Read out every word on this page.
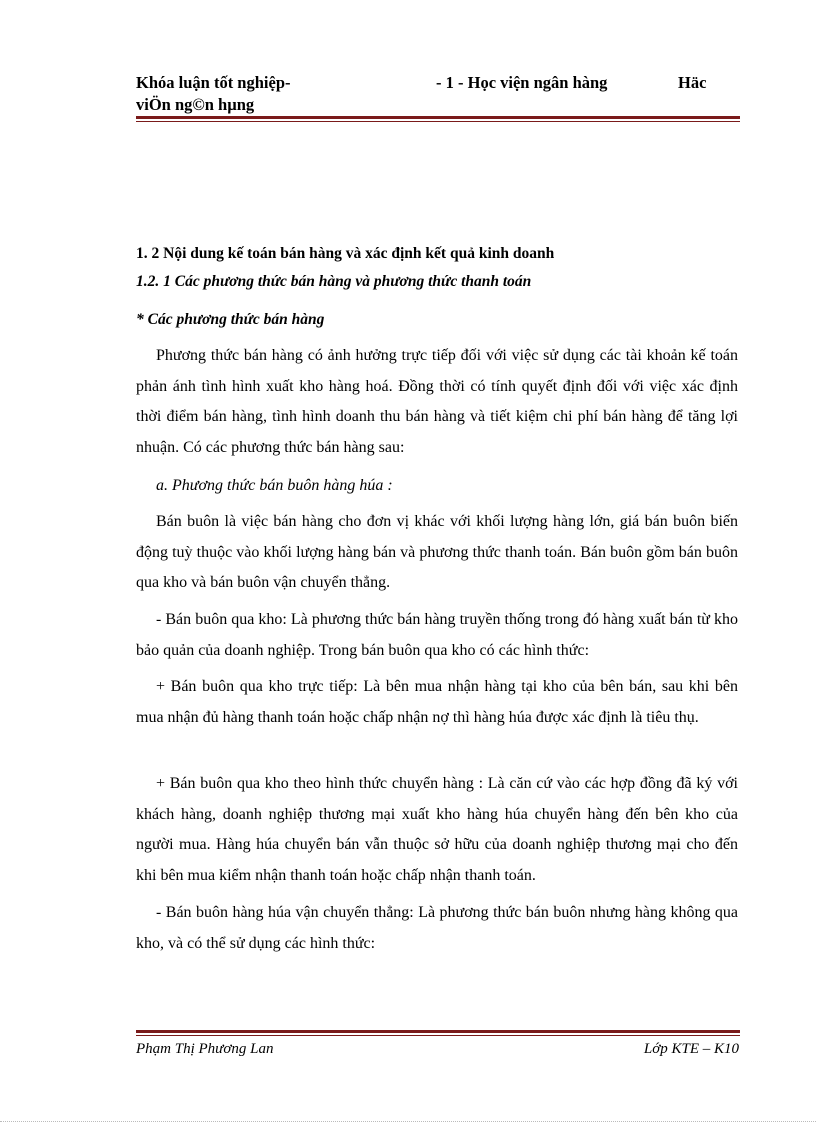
Khóa luận tốt nghiệp-
viÖn ng©n hµng
- 1 - Học viện ngân hàng	Häc
1. 2 Nội dung kế toán bán hàng và xác định kết quả kinh doanh
1.2. 1 Các phương thức bán hàng và phương thức thanh toán
* Các phương thức bán hàng

Phương thức bán hàng có ảnh hưởng trực tiếp đối với việc sử dụng các tài khoản kế toán phản ánh tình hình xuất kho hàng hoá. Đồng thời có tính quyết định đối với việc xác định thời điểm bán hàng, tình hình doanh thu bán hàng và tiết kiệm chi phí bán hàng để tăng lợi nhuận. Có các phương thức bán hàng sau:

a. Phương thức bán buôn hàng húa :

Bán buôn là việc bán hàng cho đơn vị khác với khối lượng hàng lớn, giá bán buôn biến động tuỳ thuộc vào khối lượng hàng bán và phương thức thanh toán. Bán buôn gồm bán buôn qua kho và bán buôn vận chuyển thẳng.

- Bán buôn qua kho: Là phương thức bán hàng truyền thống trong đó hàng xuất bán từ kho bảo quản của doanh nghiệp. Trong bán buôn qua kho có các hình thức:

+ Bán buôn qua kho trực tiếp: Là bên mua nhận hàng tại kho của bên bán, sau khi bên mua nhận đủ hàng thanh toán hoặc chấp nhận nợ thì hàng húa được xác định là tiêu thụ.

+ Bán buôn qua kho theo hình thức chuyển hàng : Là căn cứ vào các hợp đồng đã ký với khách hàng, doanh nghiệp thương mại xuất kho hàng húa chuyển hàng đến bên kho của người mua. Hàng húa chuyển bán vẫn thuộc sở hữu của doanh nghiệp thương mại cho đến khi bên mua kiểm nhận thanh toán hoặc chấp nhận thanh toán.

- Bán buôn hàng húa vận chuyển thẳng: Là phương thức bán buôn nhưng hàng không qua kho, và có thể sử dụng các hình thức:

Phạm Thị Phương Lan	Lớp KTE – K10
